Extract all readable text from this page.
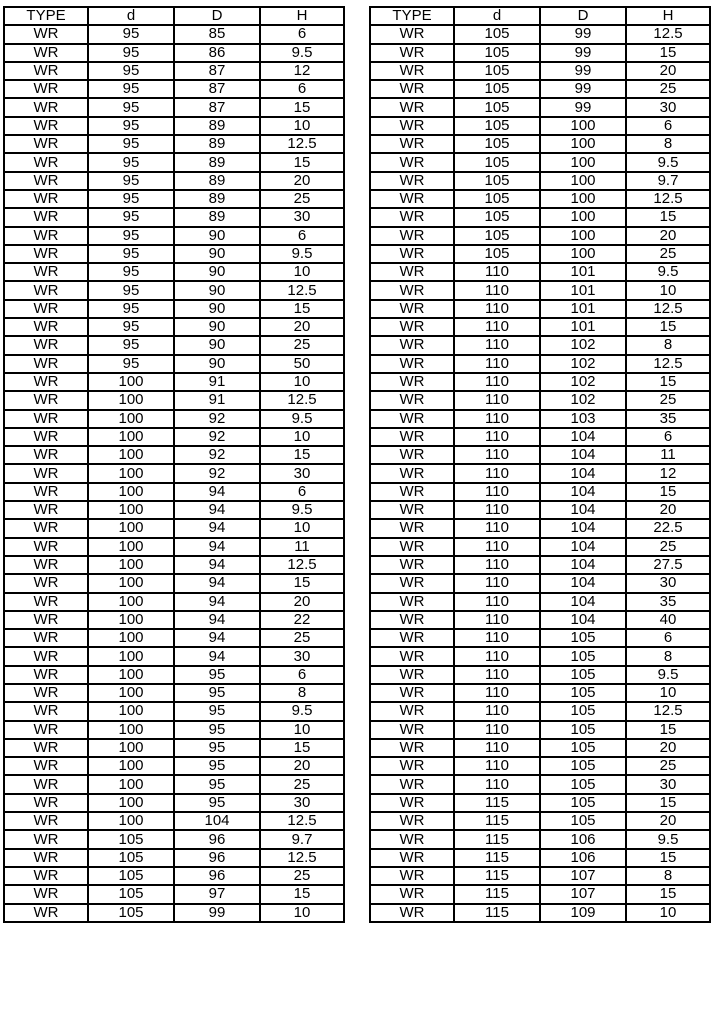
TYPE	d	D	H
WR	95	85	6
WR	95	86	9.5
WR	95	87	12
WR	95	87	6
WR	95	87	15
WR	95	89	10
WR	95	89	12.5
WR	95	89	15
WR	95	89	20
WR	95	89	25
WR	95	89	30
WR	95	90	6
WR	95	90	9.5
WR	95	90	10
WR	95	90	12.5
WR	95	90	15
WR	95	90	20
WR	95	90	25
WR	95	90	50
WR	100	91	10
WR	100	91	12.5
WR	100	92	9.5
WR	100	92	10
WR	100	92	15
WR	100	92	30
WR	100	94	6
WR	100	94	9.5
WR	100	94	10
WR	100	94	11
WR	100	94	12.5
WR	100	94	15
WR	100	94	20
WR	100	94	22
WR	100	94	25
WR	100	94	30
WR	100	95	6
WR	100	95	8
WR	100	95	9.5
WR	100	95	10
WR	100	95	15
WR	100	95	20
WR	100	95	25
WR	100	95	30
WR	100	104	12.5
WR	105	96	9.7
WR	105	96	12.5
WR	105	96	25
WR	105	97	15
WR	105	99	10
TYPE	d	D	H
WR	105	99	12.5
WR	105	99	15
WR	105	99	20
WR	105	99	25
WR	105	99	30
WR	105	100	6
WR	105	100	8
WR	105	100	9.5
WR	105	100	9.7
WR	105	100	12.5
WR	105	100	15
WR	105	100	20
WR	105	100	25
WR	110	101	9.5
WR	110	101	10
WR	110	101	12.5
WR	110	101	15
WR	110	102	8
WR	110	102	12.5
WR	110	102	15
WR	110	102	25
WR	110	103	35
WR	110	104	6
WR	110	104	11
WR	110	104	12
WR	110	104	15
WR	110	104	20
WR	110	104	22.5
WR	110	104	25
WR	110	104	27.5
WR	110	104	30
WR	110	104	35
WR	110	104	40
WR	110	105	6
WR	110	105	8
WR	110	105	9.5
WR	110	105	10
WR	110	105	12.5
WR	110	105	15
WR	110	105	20
WR	110	105	25
WR	110	105	30
WR	115	105	15
WR	115	105	20
WR	115	106	9.5
WR	115	106	15
WR	115	107	8
WR	115	107	15
WR	115	109	10
